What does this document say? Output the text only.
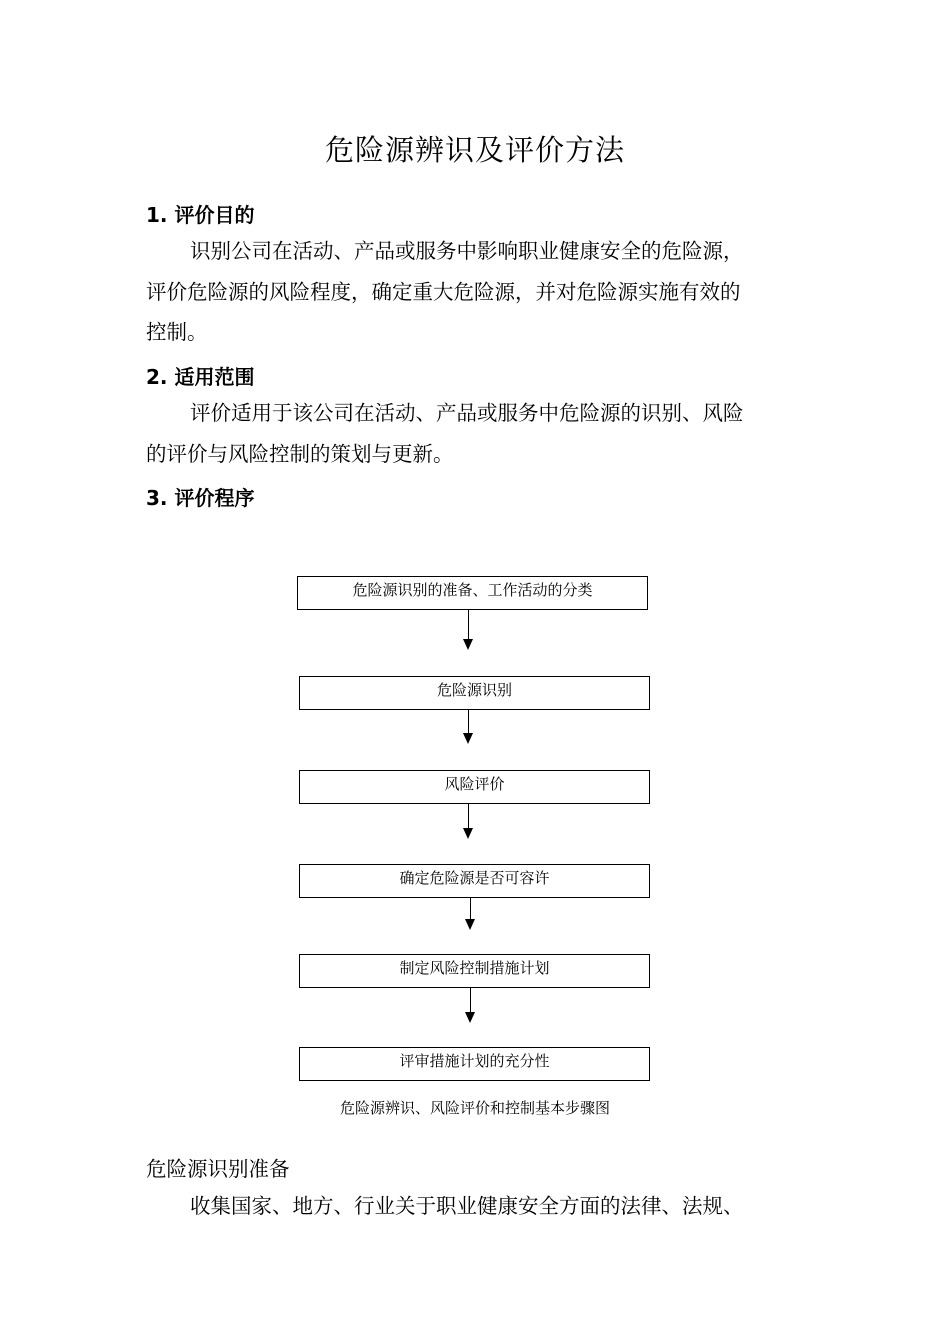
危险源辨识及评价方法
1. 评价目的
识别公司在活动、产品或服务中影响职业健康安全的危险源，
评价危险源的风险程度，确定重大危险源，并对危险源实施有效的
控制。
2. 适用范围
评价适用于该公司在活动、产品或服务中危险源的识别、风险
的评价与风险控制的策划与更新。
3. 评价程序
危险源识别的准备、工作活动的分类
危险源识别
风险评价
确定危险源是否可容许
制定风险控制措施计划
评审措施计划的充分性
危险源辨识、风险评价和控制基本步骤图
危险源识别准备
收集国家、地方、行业关于职业健康安全方面的法律、法规、
